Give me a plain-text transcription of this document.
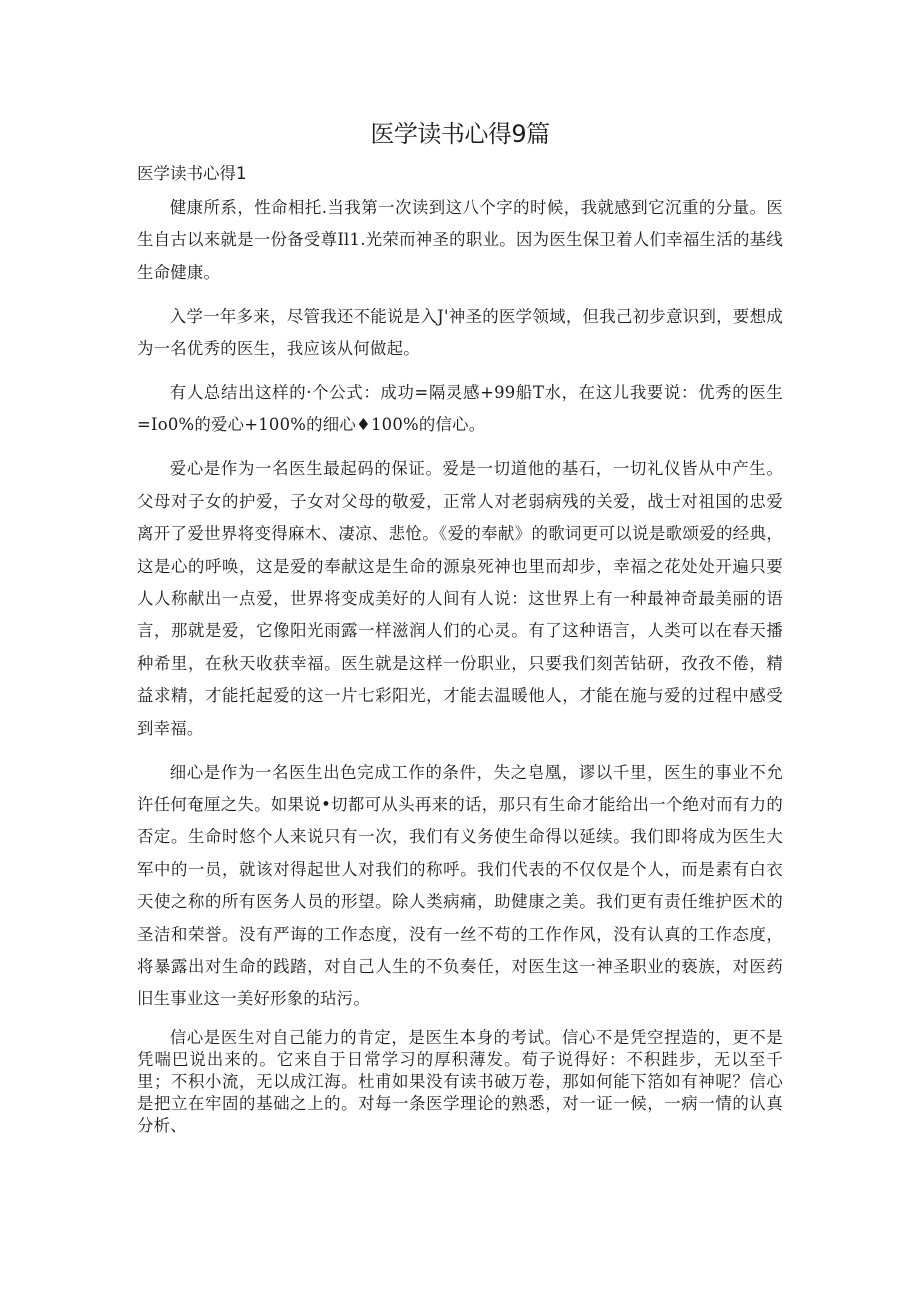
医学读书心得9篇
医学读书心得1

健康所系，性命相托.当我第一次读到这八个字的时候，我就感到它沉重的分量。医生自古以来就是一份备受尊Il1.光荣而神圣的职业。因为医生保卫着人们幸福生活的基线生命健康。

入学一年多来，尽管我还不能说是入J'神圣的医学领域，但我己初步意识到，要想成为一名优秀的医生，我应该从何做起。

有人总结出这样的·个公式：成功=隔灵感+99船T水，在这儿我要说：优秀的医生=Io0%的爱心+100%的细心♦100%的信心。

爱心是作为一名医生最起码的保证。爱是一切道他的基石，一切礼仪皆从中产生。父母对子女的护爱，子女对父母的敬爱，正常人对老弱病残的关爱，战士对祖国的忠爱离开了爱世界将变得麻木、凄凉、悲怆。《爱的奉献》的歌词更可以说是歌颂爱的经典，这是心的呼唤，这是爱的奉献这是生命的源泉死神也里而却步，幸福之花处处开遍只要人人称献出一点爱，世界将变成美好的人间有人说：这世界上有一种最神奇最美丽的语言，那就是爱，它像阳光雨露一样滋润人们的心灵。有了这种语言，人类可以在春天播种希里，在秋天收获幸福。医生就是这样一份职业，只要我们刻苦钻研，孜孜不倦，精益求精，才能托起爱的这一片七彩阳光，才能去温暖他人，才能在施与爱的过程中感受到幸福。

细心是作为一名医生出色完成工作的条件，失之皂凰，谬以千里，医生的事业不允许任何奄厘之失。如果说•切都可从头再来的话，那只有生命才能给出一个绝对而有力的否定。生命时悠个人来说只有一次，我们有义务使生命得以延续。我们即将成为医生大军中的一员，就该对得起世人对我们的称呼。我们代表的不仅仅是个人，而是素有白衣天使之称的所有医务人员的形望。除人类病痛，助健康之美。我们更有责任维护医术的圣洁和荣誉。没有严诲的工作态度，没有一丝不苟的工作作风，没有认真的工作态度，将暴露出对生命的践踏，对自己人生的不负奏任，对医生这一神圣职业的亵族，对医药旧生事业这一美好形象的玷污。

信心是医生对自己能力的肯定，是医生本身的考试。信心不是凭空捏造的，更不是凭喘巴说出来的。它来自于日常学习的厚积薄发。荀子说得好：不积跬步，无以至千里；不积小流，无以成江海。杜甫如果没有读书破万卷，那如何能下箔如有神呢？信心是把立在牢固的基础之上的。对每一条医学理论的熟悉，对一证一候，一病一情的认真分析、
